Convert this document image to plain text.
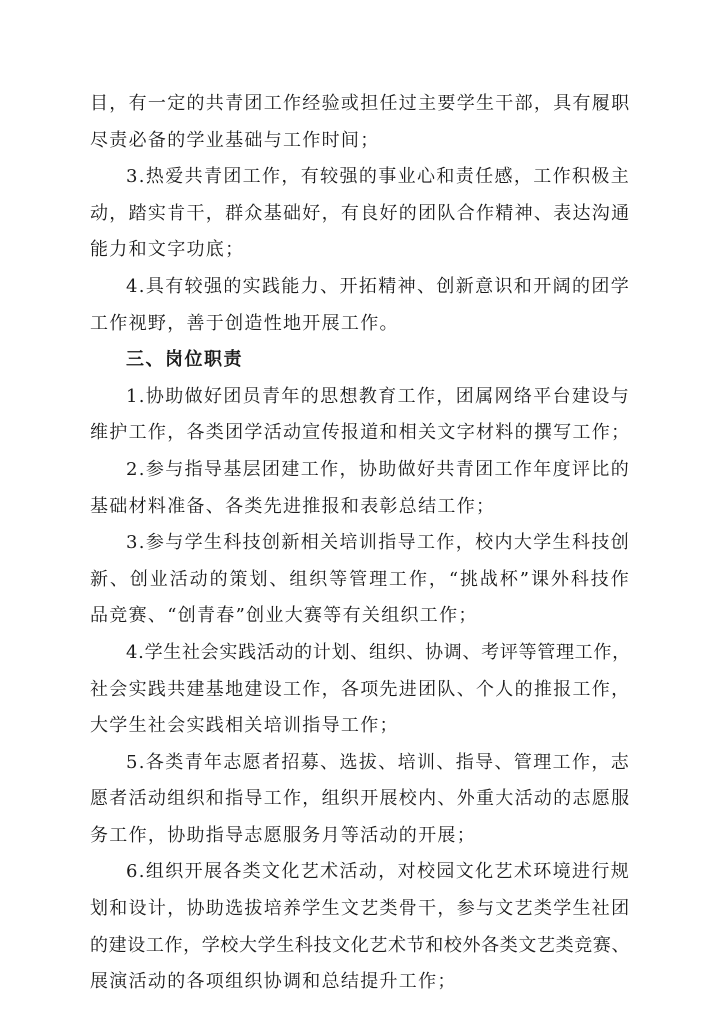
目，有一定的共青团工作经验或担任过主要学生干部，具有履职
尽责必备的学业基础与工作时间；
3.热爱共青团工作，有较强的事业心和责任感，工作积极主
动，踏实肯干，群众基础好，有良好的团队合作精神、表达沟通
能力和文字功底；
4.具有较强的实践能力、开拓精神、创新意识和开阔的团学
工作视野，善于创造性地开展工作。
三、岗位职责
1.协助做好团员青年的思想教育工作，团属网络平台建设与
维护工作，各类团学活动宣传报道和相关文字材料的撰写工作；
2.参与指导基层团建工作，协助做好共青团工作年度评比的
基础材料准备、各类先进推报和表彰总结工作；
3.参与学生科技创新相关培训指导工作，校内大学生科技创
新、创业活动的策划、组织等管理工作，“挑战杯”课外科技作
品竞赛、“创青春”创业大赛等有关组织工作；
4.学生社会实践活动的计划、组织、协调、考评等管理工作，
社会实践共建基地建设工作，各项先进团队、个人的推报工作，
大学生社会实践相关培训指导工作；
5.各类青年志愿者招募、选拔、培训、指导、管理工作，志
愿者活动组织和指导工作，组织开展校内、外重大活动的志愿服
务工作，协助指导志愿服务月等活动的开展；
6.组织开展各类文化艺术活动，对校园文化艺术环境进行规
划和设计，协助选拔培养学生文艺类骨干，参与文艺类学生社团
的建设工作，学校大学生科技文化艺术节和校外各类文艺类竞赛、
展演活动的各项组织协调和总结提升工作；
